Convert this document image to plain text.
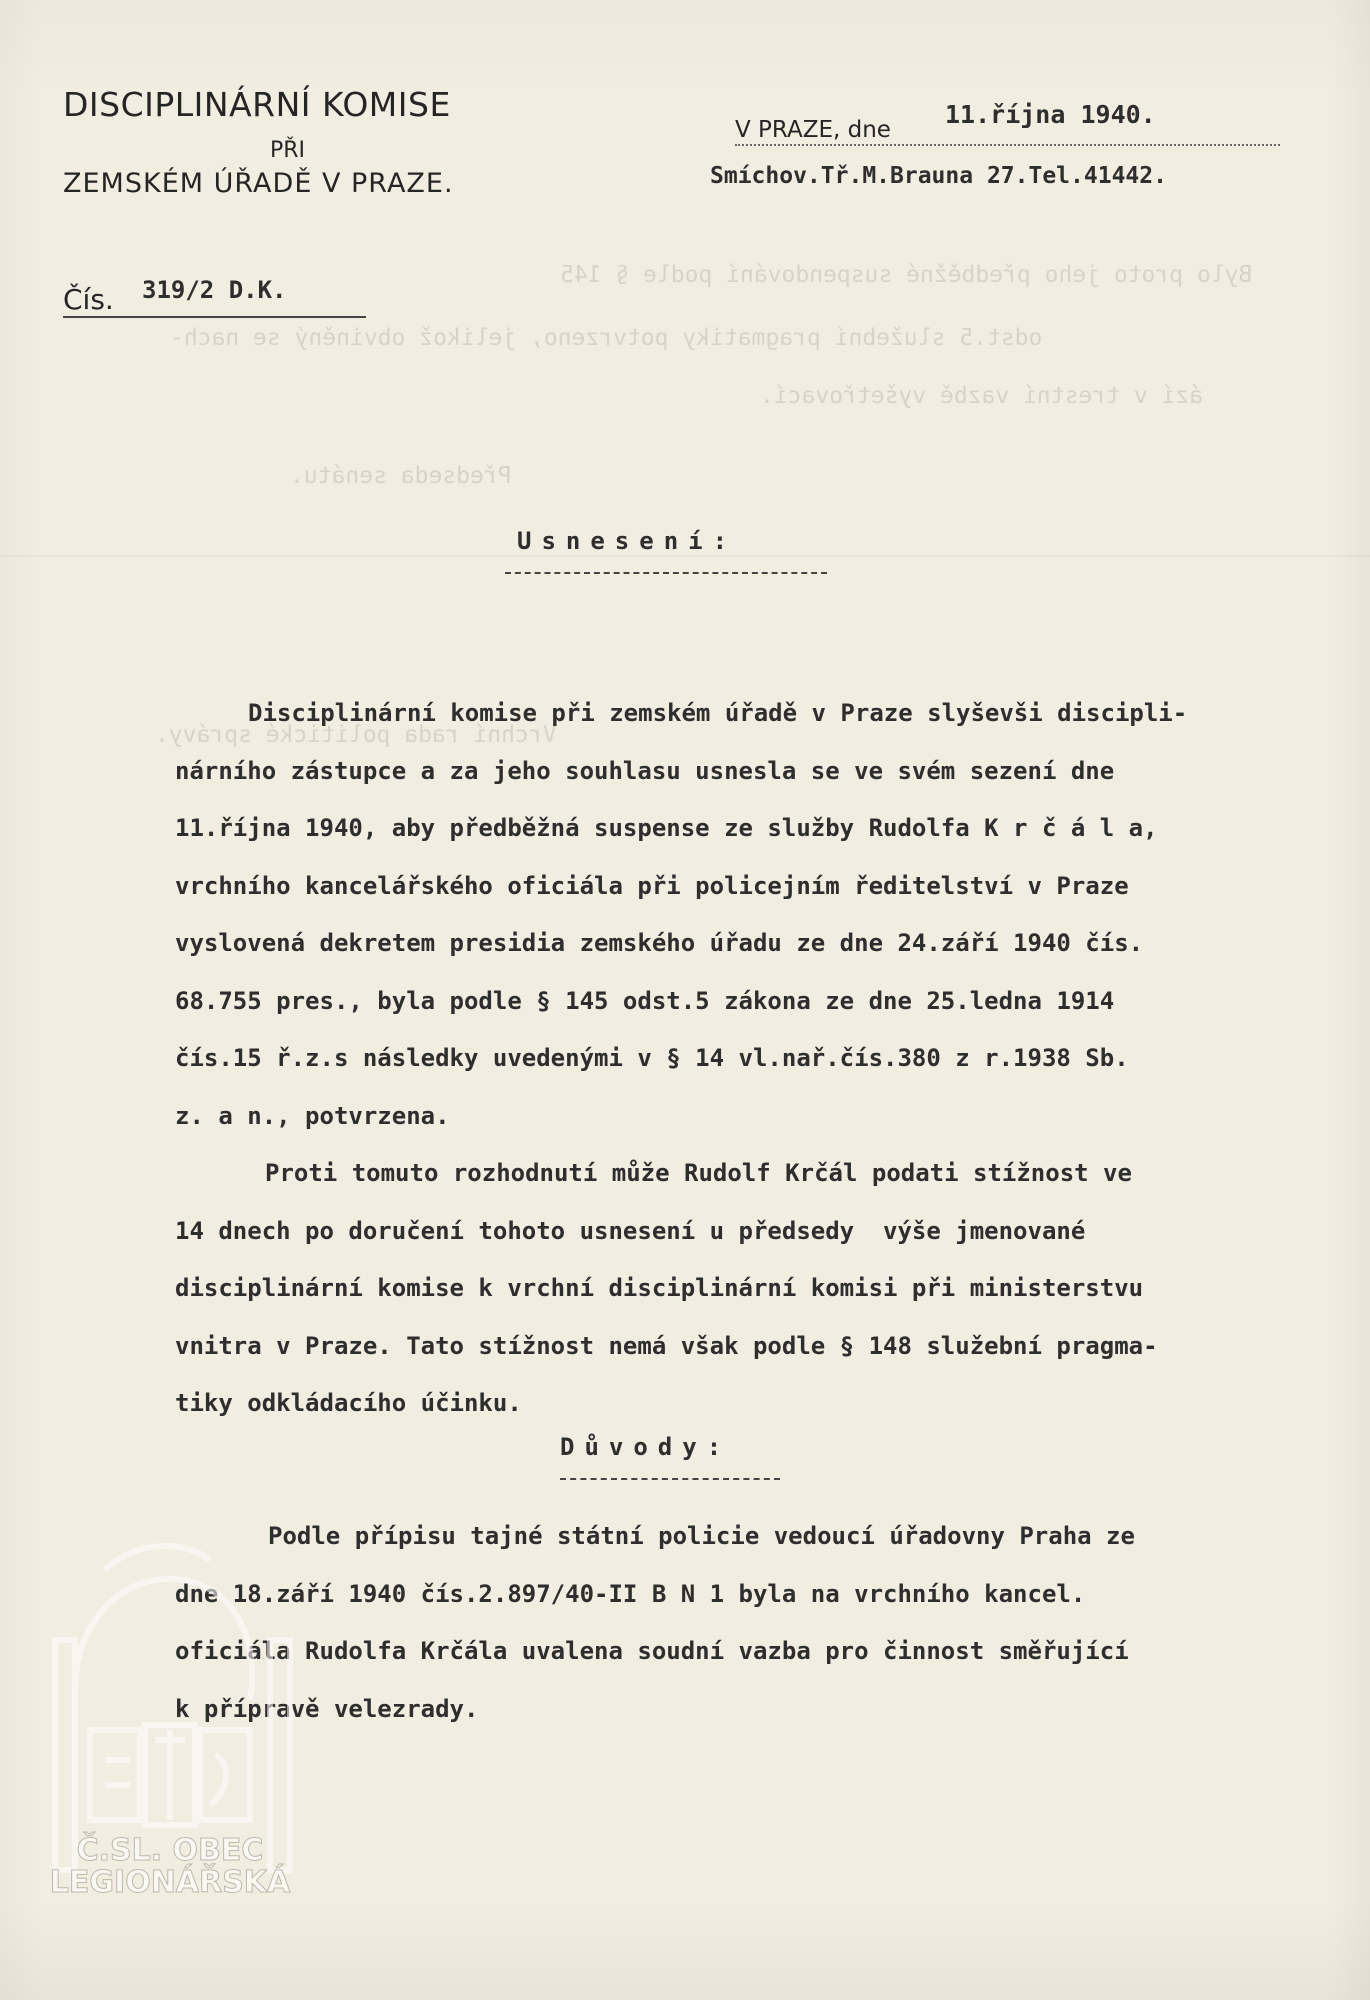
Bylo proto jeho předběžné suspendování podle § 145
odst.5 služební pragmatiky potvrzeno, jelikož obviněný se nach-
ází v trestní vazbě vyšetřovací.
Předseda senátu.
Vrchní rada politické správy.
DISCIPLINÁRNÍ KOMISE
PŘI
ZEMSKÉM ÚŘADĚ V PRAZE.
V PRAZE, dne
11.října 1940.
Smíchov.Tř.M.Brauna 27.Tel.41442.
Čís. 319/2 D.K.
Usnesení:
Disciplinární komise při zemském úřadě v Praze slyševši discipli-
nárního zástupce a za jeho souhlasu usnesla se ve svém sezení dne
11.října 1940, aby předběžná suspense ze služby Rudolfa K r č á l a,
vrchního kancelářského oficiála při policejním ředitelství v Praze
vyslovená dekretem presidia zemského úřadu ze dne 24.září 1940 čís.
68.755 pres., byla podle § 145 odst.5 zákona ze dne 25.ledna 1914
čís.15 ř.z.s následky uvedenými v § 14 vl.nař.čís.380 z r.1938 Sb.
z. a n., potvrzena.
Proti tomuto rozhodnutí může Rudolf Krčál podati stížnost ve
14 dnech po doručení tohoto usnesení u předsedy  výše jmenované
disciplinární komise k vrchní disciplinární komisi při ministerstvu
vnitra v Praze. Tato stížnost nemá však podle § 148 služební pragma-
tiky odkládacího účinku.
Důvody:
Podle přípisu tajné státní policie vedoucí úřadovny Praha ze
dne 18.září 1940 čís.2.897/40-II B N 1 byla na vrchního kancel.
oficiála Rudolfa Krčála uvalena soudní vazba pro činnost směřující
k přípravě velezrady.
Č.SL. OBEC
LEGIONÁŘSKÁ
